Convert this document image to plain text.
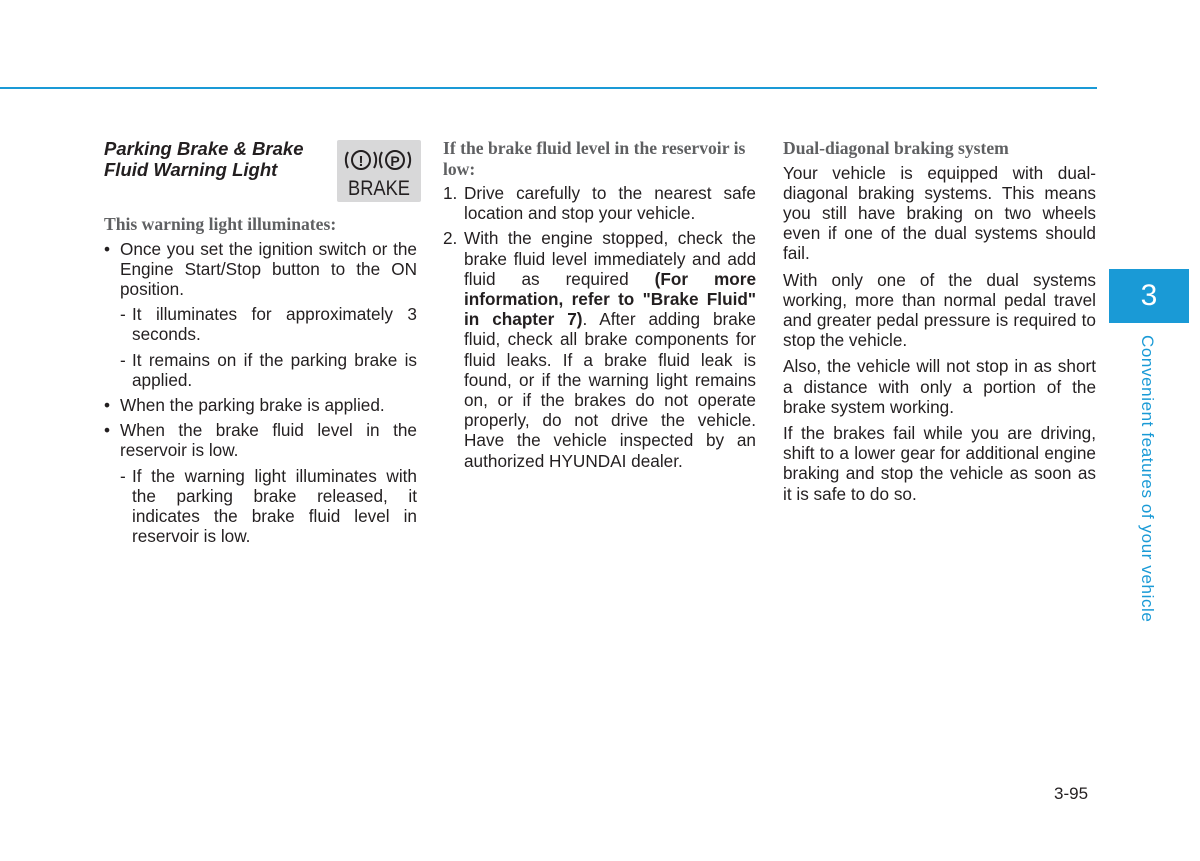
Parking Brake & Brake Fluid Warning Light	! P
BRAKE

This warning light illuminates:

• Once you set the ignition switch or the Engine Start/Stop button to the ON position.
- It illuminates for approximately 3 seconds.
- It remains on if the parking brake is applied.
• When the parking brake is applied.
• When the brake fluid level in the reservoir is low.
- If the warning light illuminates with the parking brake released, it indicates the brake fluid level in reservoir is low.

If the brake fluid level in the reservoir is low:

1. Drive carefully to the nearest safe location and stop your vehicle.
2. With the engine stopped, check the brake fluid level immediately and add fluid as required (For more information, refer to "Brake Fluid" in chapter 7). After adding brake fluid, check all brake components for fluid leaks. If a brake fluid leak is found, or if the warning light remains on, or if the brakes do not operate properly, do not drive the vehicle. Have the vehicle inspected by an authorized HYUNDAI dealer.

Dual-diagonal braking system

Your vehicle is equipped with dual-diagonal braking systems. This means you still have braking on two wheels even if one of the dual systems should fail.

With only one of the dual systems working, more than normal pedal travel and greater pedal pressure is required to stop the vehicle.

Also, the vehicle will not stop in as short a distance with only a portion of the brake system working.

If the brakes fail while you are driving, shift to a lower gear for additional engine braking and stop the vehicle as soon as it is safe to do so.

3
Convenient features of your vehicle
3-95
